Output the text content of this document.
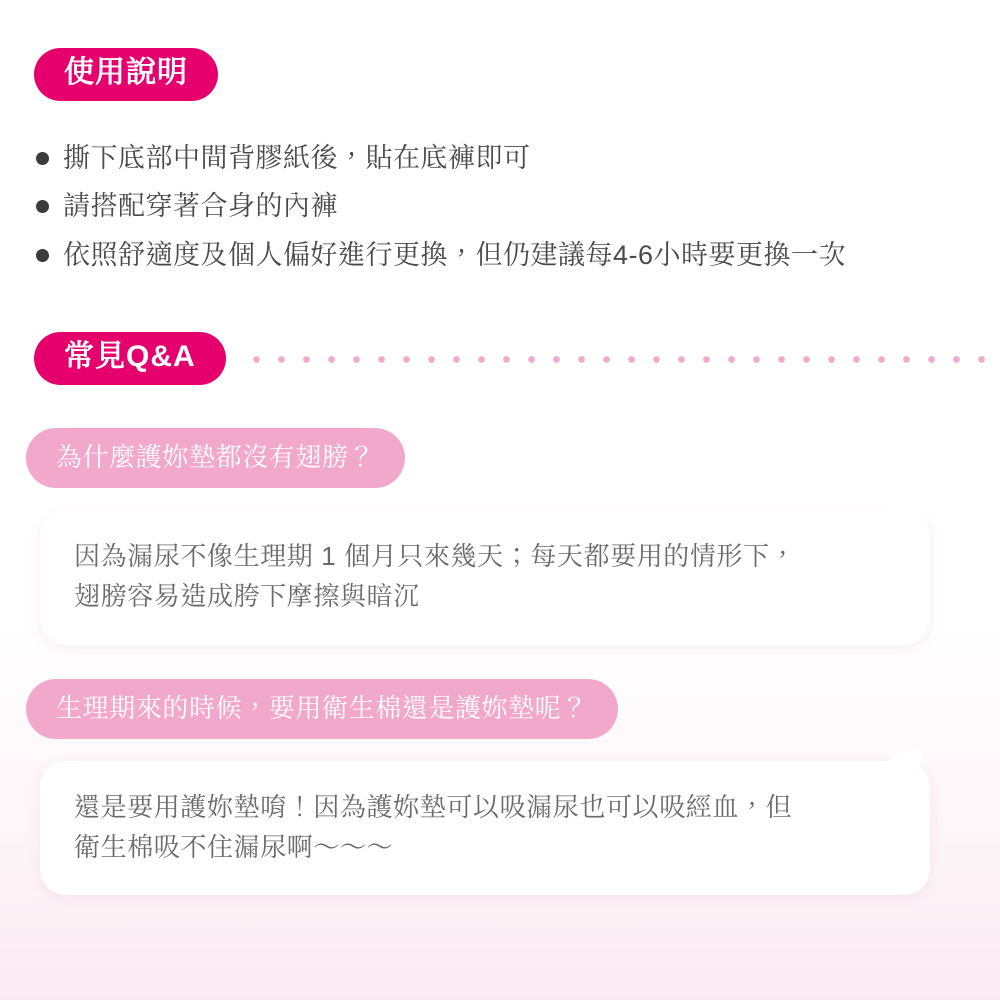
使用說明
撕下底部中間背膠紙後，貼在底褲即可
請搭配穿著合身的內褲
依照舒適度及個人偏好進行更換，但仍建議每4-6小時要更換一次
常見Q&A
為什麼護妳墊都沒有翅膀？
因為漏尿不像生理期 1 個月只來幾天；每天都要用的情形下，
翅膀容易造成胯下摩擦與暗沉
生理期來的時候，要用衛生棉還是護妳墊呢？
還是要用護妳墊唷！因為護妳墊可以吸漏尿也可以吸經血，但
衛生棉吸不住漏尿啊～～～
